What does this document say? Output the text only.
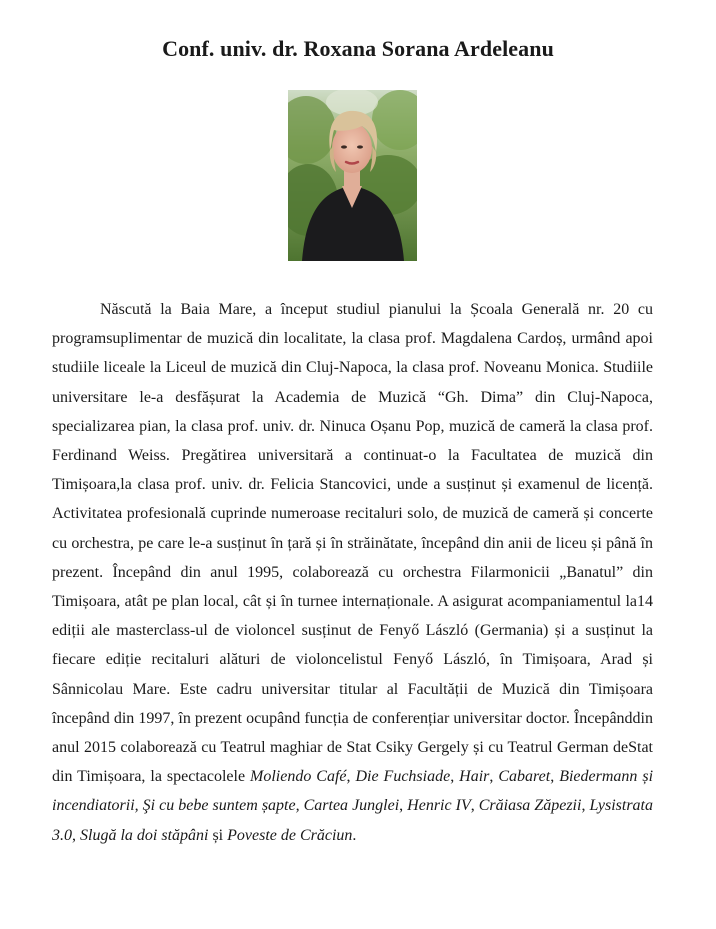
Conf. univ. dr. Roxana Sorana Ardeleanu

Născută la Baia Mare, a început studiul pianului la Școala Generală nr. 20 cu programsuplimentar de muzică din localitate, la clasa prof. Magdalena Cardoș, urmând apoi studiile liceale la Liceul de muzică din Cluj-Napoca, la clasa prof. Noveanu Monica. Studiile universitare le-a desfășurat la Academia de Muzică “Gh. Dima” din Cluj-Napoca, specializarea pian, la clasa prof. univ. dr. Ninuca Oșanu Pop, muzică de cameră la clasa prof. Ferdinand Weiss. Pregătirea universitară a continuat-o la Facultatea de muzică din Timișoara,la clasa prof. univ. dr. Felicia Stancovici, unde a susținut și examenul de licență. Activitatea profesională cuprinde numeroase recitaluri solo, de muzică de cameră și concerte cu orchestra, pe care le-a susținut în țară și în străinătate, începând din anii de liceu și până în prezent. Începând din anul 1995, colaborează cu orchestra Filarmonicii „Banatul” din Timișoara, atât pe plan local, cât și în turnee internaționale. A asigurat acompaniamentul la14 ediții ale masterclass-ul de violoncel susținut de Fenyő László (Germania) și a susținut la fiecare ediție recitaluri alături de violoncelistul Fenyő László, în Timișoara, Arad și Sânnicolau Mare. Este cadru universitar titular al Facultății de Muzică din Timișoara începând din 1997, în prezent ocupând funcția de conferențiar universitar doctor. Începânddin anul 2015 colaborează cu Teatrul maghiar de Stat Csiky Gergely și cu Teatrul German deStat din Timișoara, la spectacolele Moliendo Café, Die Fuchsiade, Hair, Cabaret, Biedermann și incendiatorii, Şi cu bebe suntem șapte, Cartea Junglei, Henric IV, Crăiasa Zăpezii, Lysistrata 3.0, Slugă la doi stăpâni și Poveste de Crăciun.
